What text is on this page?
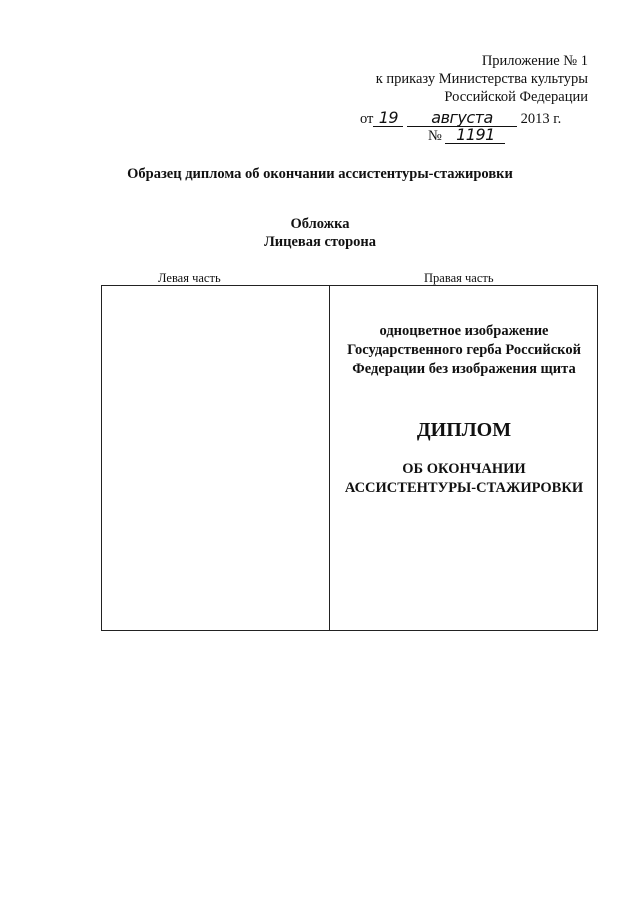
Приложение № 1
к приказу Министерства культуры
Российской Федерации
от 19 августа 2013 г.
№ 1191
Образец диплома об окончании ассистентуры-стажировки
Обложка
Лицевая сторона
Левая часть	Правая часть
одноцветное изображение
Государственного герба Российской
Федерации без изображения щита
ДИПЛОМ
ОБ ОКОНЧАНИИ
АССИСТЕНТУРЫ-СТАЖИРОВКИ
